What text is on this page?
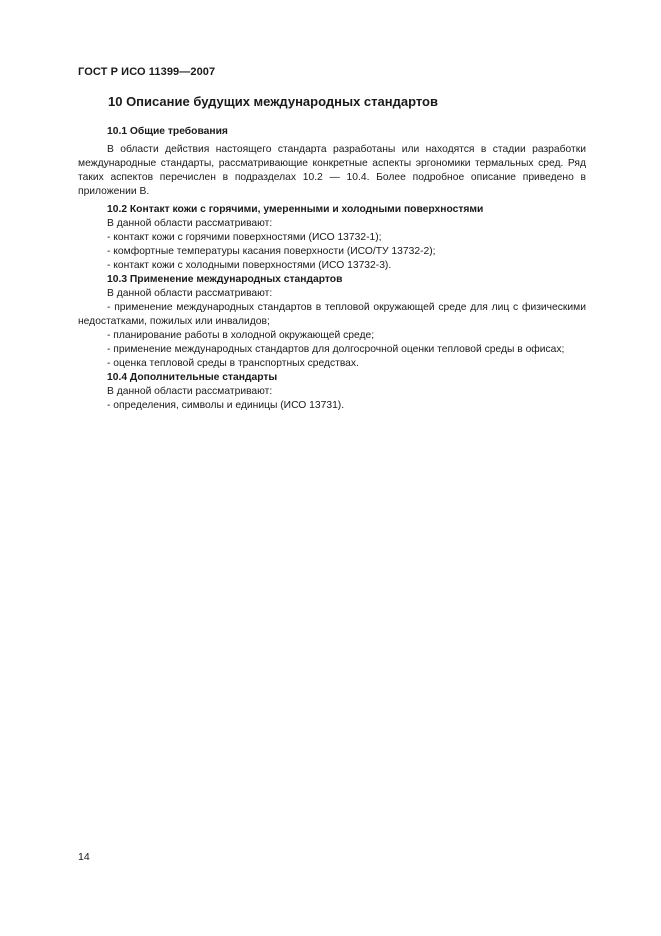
ГОСТ Р ИСО 11399—2007
10 Описание будущих международных стандартов

10.1 Общие требования

В области действия настоящего стандарта разработаны или находятся в стадии разработки международные стандарты, рассматривающие конкретные аспекты эргономики термальных сред. Ряд таких аспектов перечислен в подразделах 10.2 — 10.4. Более подробное описание приведено в приложении В.

10.2 Контакт кожи с горячими, умеренными и холодными поверхностями

В данной области рассматривают:

- контакт кожи с горячими поверхностями (ИСО 13732-1);

- комфортные температуры касания поверхности (ИСО/ТУ 13732-2);

- контакт кожи с холодными поверхностями (ИСО 13732-3).

10.3 Применение международных стандартов

В данной области рассматривают:

- применение международных стандартов в тепловой окружающей среде для лиц с физическими недостатками, пожилых или инвалидов;

- планирование работы в холодной окружающей среде;

- применение международных стандартов для долгосрочной оценки тепловой среды в офисах;

- оценка тепловой среды в транспортных средствах.

10.4 Дополнительные стандарты

В данной области рассматривают:

- определения, символы и единицы (ИСО 13731).

14
